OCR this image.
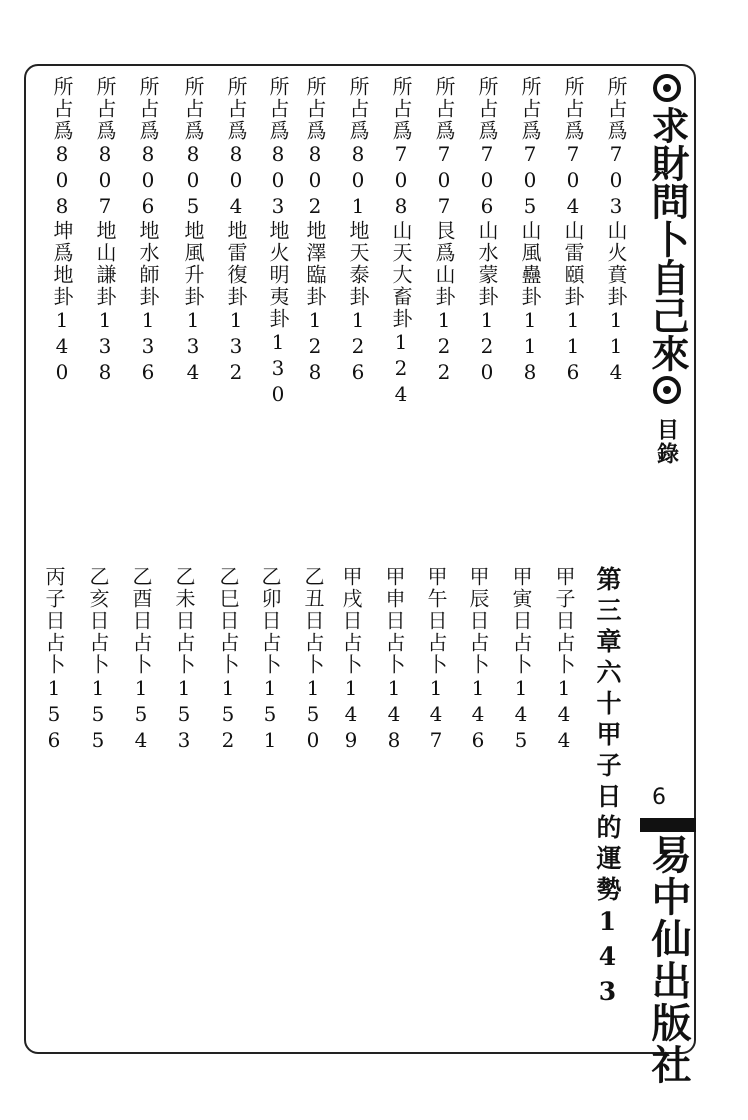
求財問卜自己來
目錄
6
易中仙出版社
所占爲703山火賁卦114
所占爲704山雷頤卦116
所占爲705山風蠱卦118
所占爲706山水蒙卦120
所占爲707艮爲山卦122
所占爲708山天大畜卦124
所占爲801地天泰卦126
所占爲802地澤臨卦128
所占爲803地火明夷卦130
所占爲804地雷復卦132
所占爲805地風升卦134
所占爲806地水師卦136
所占爲807地山謙卦138
所占爲808坤爲地卦140
第三章六十甲子日的運勢143
甲子日占卜144
甲寅日占卜145
甲辰日占卜146
甲午日占卜147
甲申日占卜148
甲戌日占卜149
乙丑日占卜150
乙卯日占卜151
乙巳日占卜152
乙未日占卜153
乙酉日占卜154
乙亥日占卜155
丙子日占卜156
